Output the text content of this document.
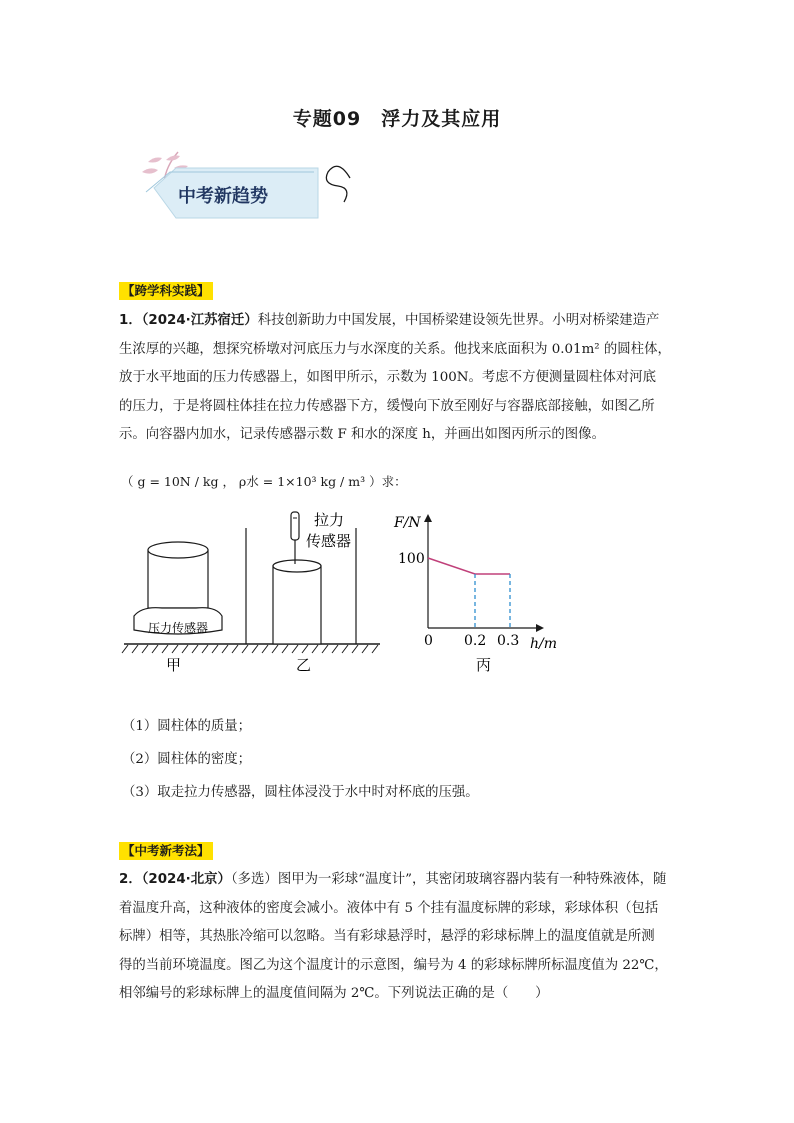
专题09　浮力及其应用
中考新趋势
【跨学科实践】
1．（2024·江苏宿迁）科技创新助力中国发展，中国桥梁建设领先世界。小明对桥梁建造产
生浓厚的兴趣，想探究桥墩对河底压力与水深度的关系。他找来底面积为 0.01m² 的圆柱体，
放于水平地面的压力传感器上，如图甲所示，示数为 100N。考虑不方便测量圆柱体对河底
的压力，于是将圆柱体挂在拉力传感器下方，缓慢向下放至刚好与容器底部接触，如图乙所
示。向容器内加水，记录传感器示数 F 和水的深度 h，并画出如图丙所示的图像。
（ g = 10N / kg ， ρ水 = 1×10³ kg / m³ ）求：
压力传感器
拉力
传感器
甲	乙	丙
F/N
h/m
100
0 0.2 0.3
（1）圆柱体的质量；
（2）圆柱体的密度；
（3）取走拉力传感器，圆柱体浸没于水中时对杯底的压强。
【中考新考法】
2．（2024·北京）（多选）图甲为一彩球“温度计”，其密闭玻璃容器内装有一种特殊液体，随
着温度升高，这种液体的密度会减小。液体中有 5 个挂有温度标牌的彩球，彩球体积（包括
标牌）相等，其热胀冷缩可以忽略。当有彩球悬浮时，悬浮的彩球标牌上的温度值就是所测
得的当前环境温度。图乙为这个温度计的示意图，编号为 4 的彩球标牌所标温度值为 22℃，
相邻编号的彩球标牌上的温度值间隔为 2℃。下列说法正确的是（　　）
